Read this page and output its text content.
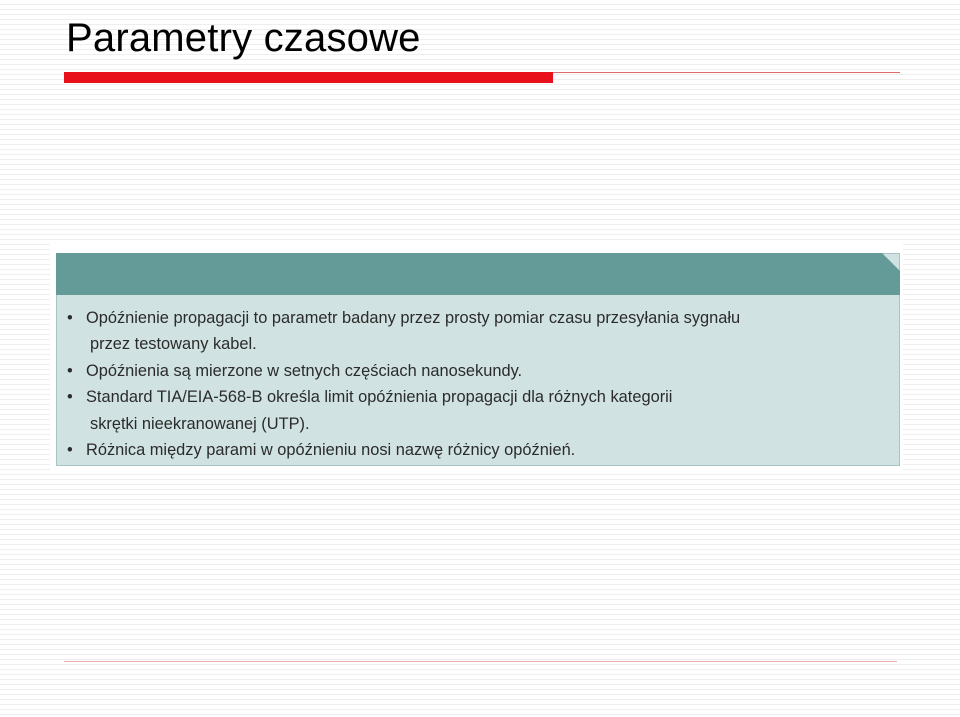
Parametry czasowe
• Opóźnienie propagacji to parametr badany przez prosty pomiar czasu przesyłania sygnału
przez testowany kabel.
• Opóźnienia są mierzone w setnych częściach nanosekundy.
• Standard TIA/EIA-568-B określa limit opóźnienia propagacji dla różnych kategorii
skrętki nieekranowanej (UTP).
• Różnica między parami w opóźnieniu nosi nazwę różnicy opóźnień.
